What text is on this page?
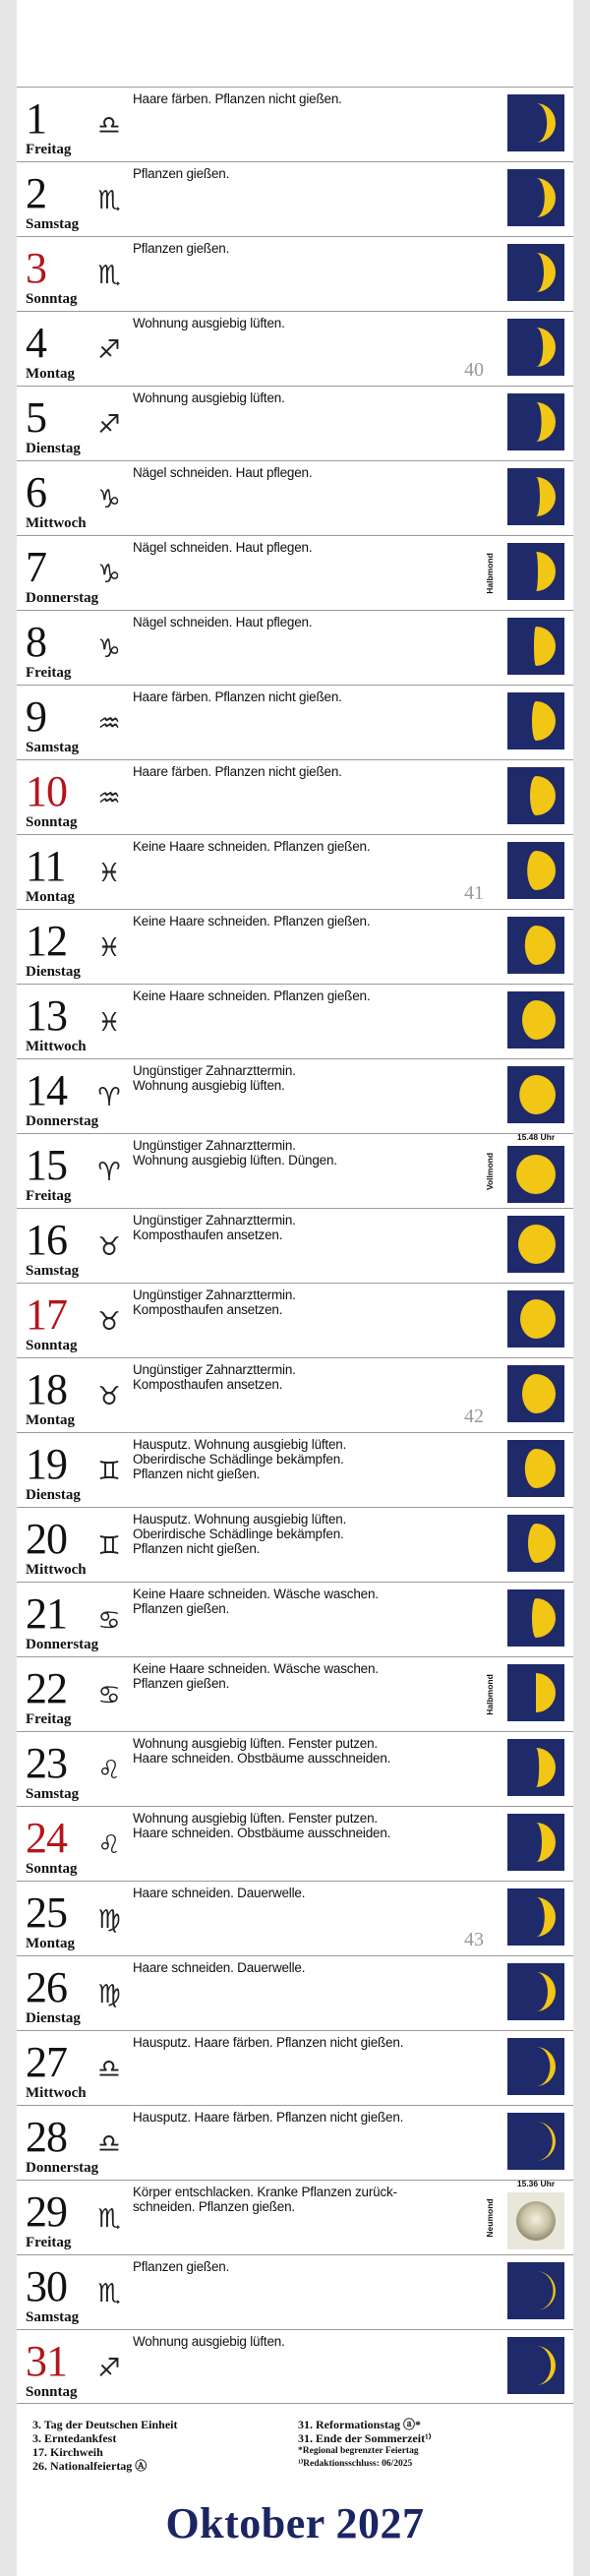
1
Freitag
♎
Haare färben. Pflanzen nicht gießen.
2
Samstag
♏
Pflanzen gießen.
3
Sonntag
♏
Pflanzen gießen.
4
Montag
♐
Wohnung ausgiebig lüften.
40
5
Dienstag
♐
Wohnung ausgiebig lüften.
6
Mittwoch
♑
Nägel schneiden. Haut pflegen.
7
Donnerstag
♑
Nägel schneiden. Haut pflegen.
Halbmond
8
Freitag
♑
Nägel schneiden. Haut pflegen.
9
Samstag
♒
Haare färben. Pflanzen nicht gießen.
10
Sonntag
♒
Haare färben. Pflanzen nicht gießen.
11
Montag
♓
Keine Haare schneiden. Pflanzen gießen.
41
12
Dienstag
♓
Keine Haare schneiden. Pflanzen gießen.
13
Mittwoch
♓
Keine Haare schneiden. Pflanzen gießen.
14
Donnerstag
♈
Ungünstiger Zahnarzttermin.
Wohnung ausgiebig lüften.
15
Freitag
♈
Ungünstiger Zahnarzttermin.
Wohnung ausgiebig lüften. Düngen.	Vollmond
15.48 Uhr
16
Samstag
♉
Ungünstiger Zahnarzttermin.
Komposthaufen ansetzen.
17
Sonntag
♉
Ungünstiger Zahnarzttermin.
Komposthaufen ansetzen.
18
Montag
♉
Ungünstiger Zahnarzttermin.
Komposthaufen ansetzen.
42
19
Dienstag
♊
Hausputz. Wohnung ausgiebig lüften.
Oberirdische Schädlinge bekämpfen.
Pflanzen nicht gießen.
20
Mittwoch
♊
Hausputz. Wohnung ausgiebig lüften.
Oberirdische Schädlinge bekämpfen.
Pflanzen nicht gießen.
21
Donnerstag
♋
Keine Haare schneiden. Wäsche waschen.
Pflanzen gießen.
22
Freitag
♋
Keine Haare schneiden. Wäsche waschen.
Pflanzen gießen.	Halbmond
23
Samstag
♌
Wohnung ausgiebig lüften. Fenster putzen.
Haare schneiden. Obstbäume ausschneiden.
24
Sonntag
♌
Wohnung ausgiebig lüften. Fenster putzen.
Haare schneiden. Obstbäume ausschneiden.
25
Montag
♍
Haare schneiden. Dauerwelle.
43
26
Dienstag
♍
Haare schneiden. Dauerwelle.
27
Mittwoch
♎
Hausputz. Haare färben. Pflanzen nicht gießen.
28
Donnerstag
♎
Hausputz. Haare färben. Pflanzen nicht gießen.
29
Freitag
♏
Körper entschlacken. Kranke Pflanzen zurück-
schneiden. Pflanzen gießen.	Neumond
15.36 Uhr
30
Samstag
♏
Pflanzen gießen.
31
Sonntag
♐
Wohnung ausgiebig lüften.
3. Tag der Deutschen Einheit
3. Erntedankfest
17. Kirchweih
26. Nationalfeiertag Ⓐ
31. Reformationstag ⓐ*
31. Ende der Sommerzeit¹⁾
*Regional begrenzter Feiertag
¹⁾Redaktionsschluss: 06/2025
Oktober 2027
